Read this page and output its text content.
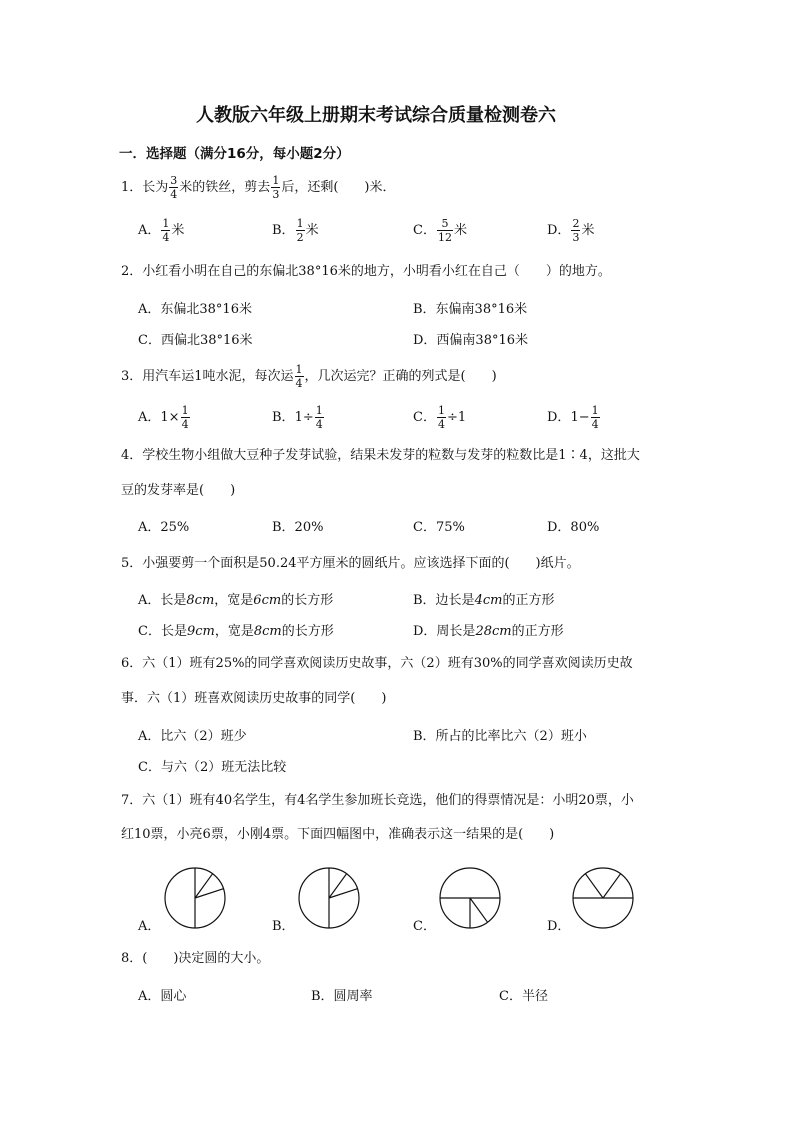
人教版六年级上册期末考试综合质量检测卷六
一．选择题（满分16分，每小题2分）
1． 长为 $\frac{3}{4}$ 米的铁丝，剪去 $\frac{1}{3}$ 后，还剩(　　)米．
A． $\frac{1}{4}$ 米	B． $\frac{1}{2}$ 米	C． $\frac{5}{12}$ 米	D． $\frac{2}{3}$ 米
2．小红看小明在自己的东偏北38°16米的地方，小明看小红在自己（　　）的地方。
A．东偏北38°16米	B．东偏南38°16米
C．西偏北38°16米	D．西偏南38°16米
3．用汽车运1吨水泥，每次运 $\frac{1}{4}$ ，几次运完？正确的列式是(　　)
A． $1\times \frac{1}{4}$	B． $1\div \frac{1}{4}$	C． $\frac{1}{4} \div 1$	D． $1- \frac{1}{4}$
4．学校生物小组做大豆种子发芽试验，结果未发芽的粒数与发芽的粒数比是1∶4，这批大
豆的发芽率是(　　)
A．25%	B．20%	C．75%	D．80%
5．小强要剪一个面积是50.24平方厘米的圆纸片。应该选择下面的(　　)纸片。
A．长是8cm，宽是6cm的长方形	B．边长是4cm的正方形
C．长是9cm，宽是8cm的长方形	D．周长是28cm的正方形
6．六（1）班有25%的同学喜欢阅读历史故事，六（2）班有30%的同学喜欢阅读历史故
事．六（1）班喜欢阅读历史故事的同学(　　)
A．比六（2）班少	B．所占的比率比六（2）班小
C．与六（2）班无法比较
7．六（1）班有40名学生，有4名学生参加班长竞选，他们的得票情况是：小明20票，小
红10票，小亮6票，小刚4票。下面四幅图中，准确表示这一结果的是(　　)
A．	B．	C．	D．
8．(　　)决定圆的大小。
A．圆心	B．圆周率	C．半径
